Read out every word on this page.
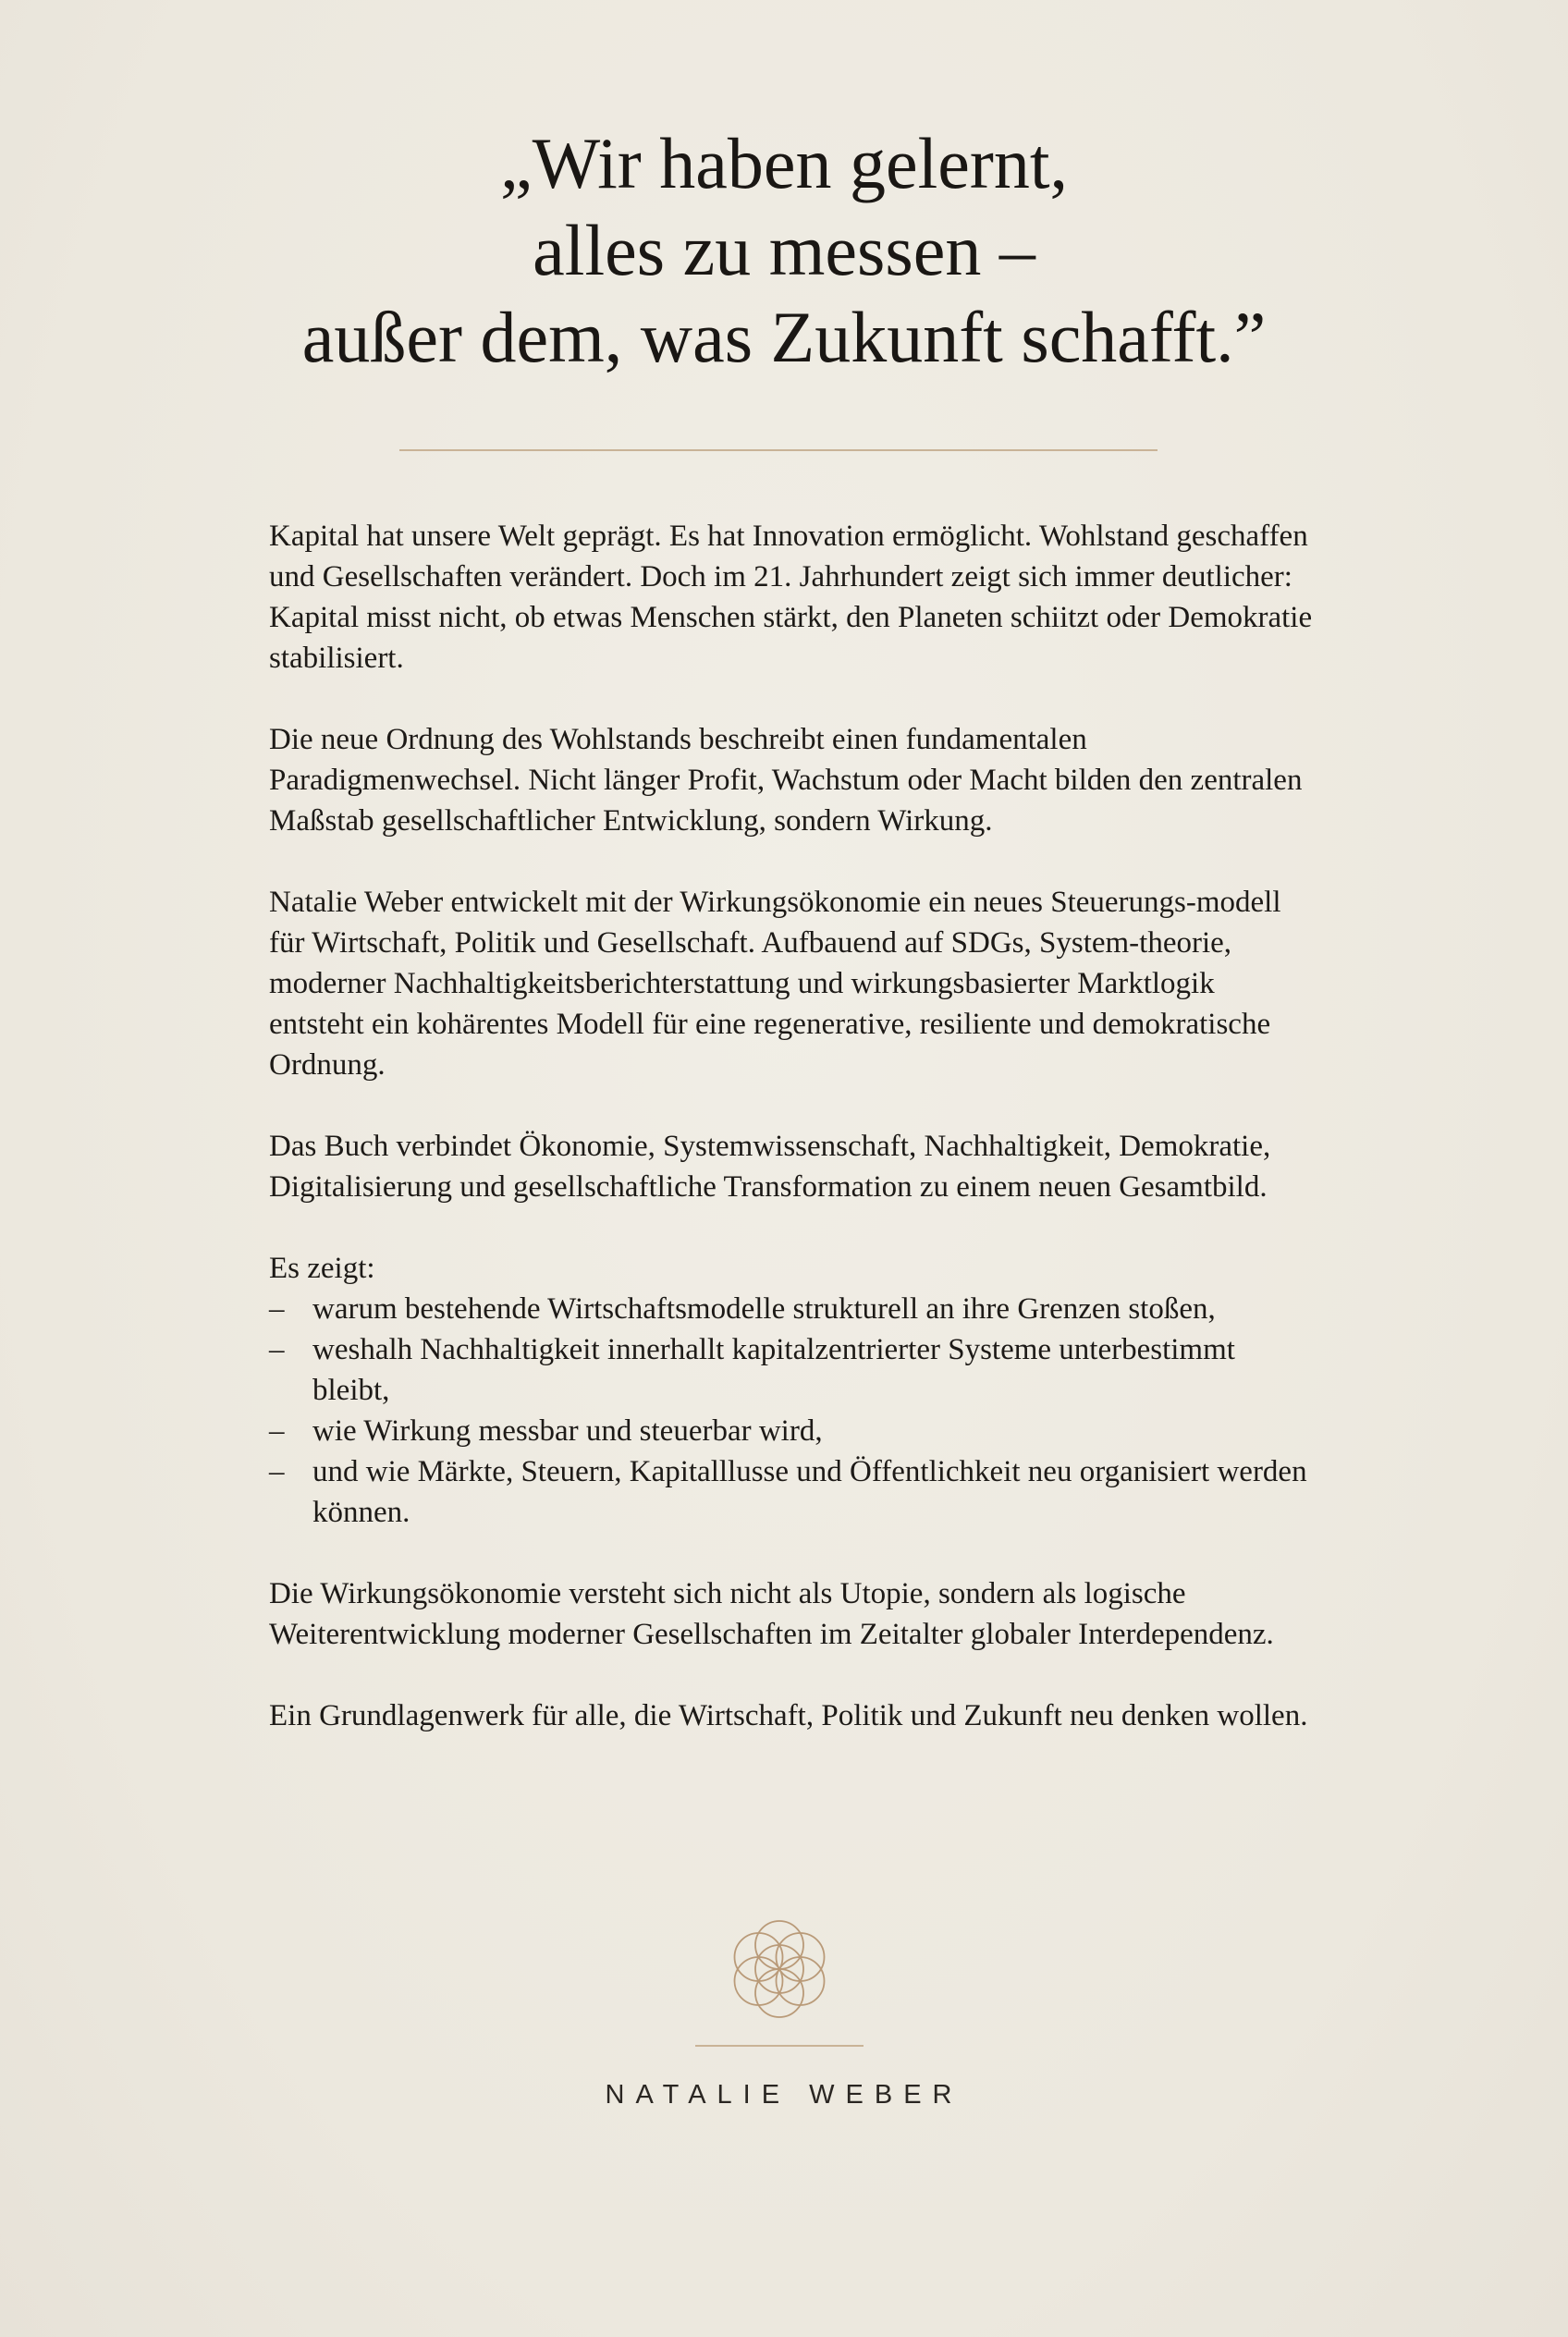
„Wir haben gelernt,
alles zu messen –
außer dem, was Zukunft schafft.”

Kapital hat unsere Welt geprägt. Es hat Innovation ermöglicht. Wohlstand geschaffen und Gesellschaften verändert. Doch im 21. Jahrhundert zeigt sich immer deutlicher: Kapital misst nicht, ob etwas Menschen stärkt, den Planeten schiitzt oder Demokratie stabilisiert.

Die neue Ordnung des Wohlstands beschreibt einen fundamentalen Paradigmenwechsel. Nicht länger Profit, Wachstum oder Macht bilden den zentralen Maßstab gesellschaftlicher Entwicklung, sondern Wirkung.

Natalie Weber entwickelt mit der Wirkungsökonomie ein neues Steuerungs-modell für Wirtschaft, Politik und Gesellschaft. Aufbauend auf SDGs, System-theorie, moderner Nachhaltigkeitsberichterstattung und wirkungsbasierter Marktlogik entsteht ein kohärentes Modell für eine regenerative, resiliente und demokratische Ordnung.

Das Buch verbindet Ökonomie, Systemwissenschaft, Nachhaltigkeit, Demokratie, Digitalisierung und gesellschaftliche Transformation zu einem neuen Gesamtbild.

Es zeigt:
– warum bestehende Wirtschaftsmodelle strukturell an ihre Grenzen stoßen,
– weshalh Nachhaltigkeit innerhallt kapitalzentrierter Systeme unterbestimmt bleibt,
– wie Wirkung messbar und steuerbar wird,
– und wie Märkte, Steuern, Kapitalllusse und Öffentlichkeit neu organisiert werden können.

Die Wirkungsökonomie versteht sich nicht als Utopie, sondern als logische Weiterentwicklung moderner Gesellschaften im Zeitalter globaler Interdependenz.

Ein Grundlagenwerk für alle, die Wirtschaft, Politik und Zukunft neu denken wollen.

NATALIE WEBER
